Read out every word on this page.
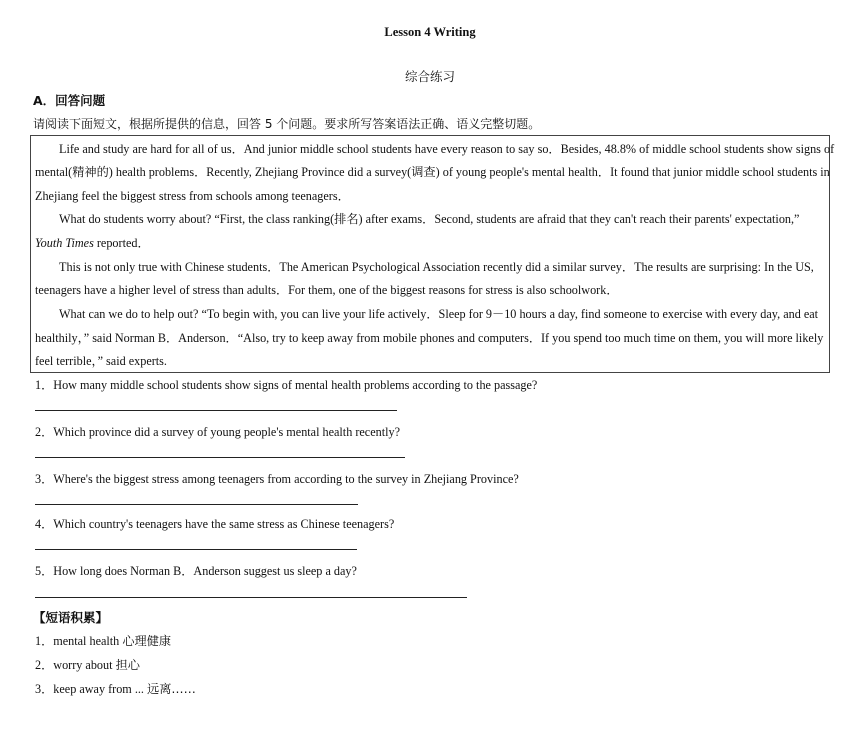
Lesson 4 Writing
综合练习
A．回答问题
请阅读下面短文，根据所提供的信息，回答 5 个问题。要求所写答案语法正确、语义完整切题。
Life and study are hard for all of us．And junior middle school students have every reason to say so．Besides, 48.8% of middle school students show signs of
mental(精神的) health problems．Recently, Zhejiang Province did a survey(调查) of young people's mental health．It found that junior middle school students in
Zhejiang feel the biggest stress from schools among teenagers．
What do students worry about? “First, the class ranking(排名) after exams．Second, students are afraid that they can't reach their parents' expectation,”
Youth Times reported．
This is not only true with Chinese students．The American Psychological Association recently did a similar survey．The results are surprising: In the US,
teenagers have a higher level of stress than adults．For them, one of the biggest reasons for stress is also schoolwork．
What can we do to help out? “To begin with, you can live your life actively．Sleep for 9－10 hours a day, find someone to exercise with every day, and eat
healthily，” said Norman B．Anderson．“Also, try to keep away from mobile phones and computers．If you spend too much time on them, you will more likely
feel terrible，” said experts.
1．How many middle school students show signs of mental health problems according to the passage?
2．Which province did a survey of young people's mental health recently?
3．Where's the biggest stress among teenagers from according to the survey in Zhejiang Province?
4．Which country's teenagers have the same stress as Chinese teenagers?
5．How long does Norman B．Anderson suggest us sleep a day?
【短语积累】
1．mental health 心理健康
2．worry about 担心
3．keep away from ... 远离……
